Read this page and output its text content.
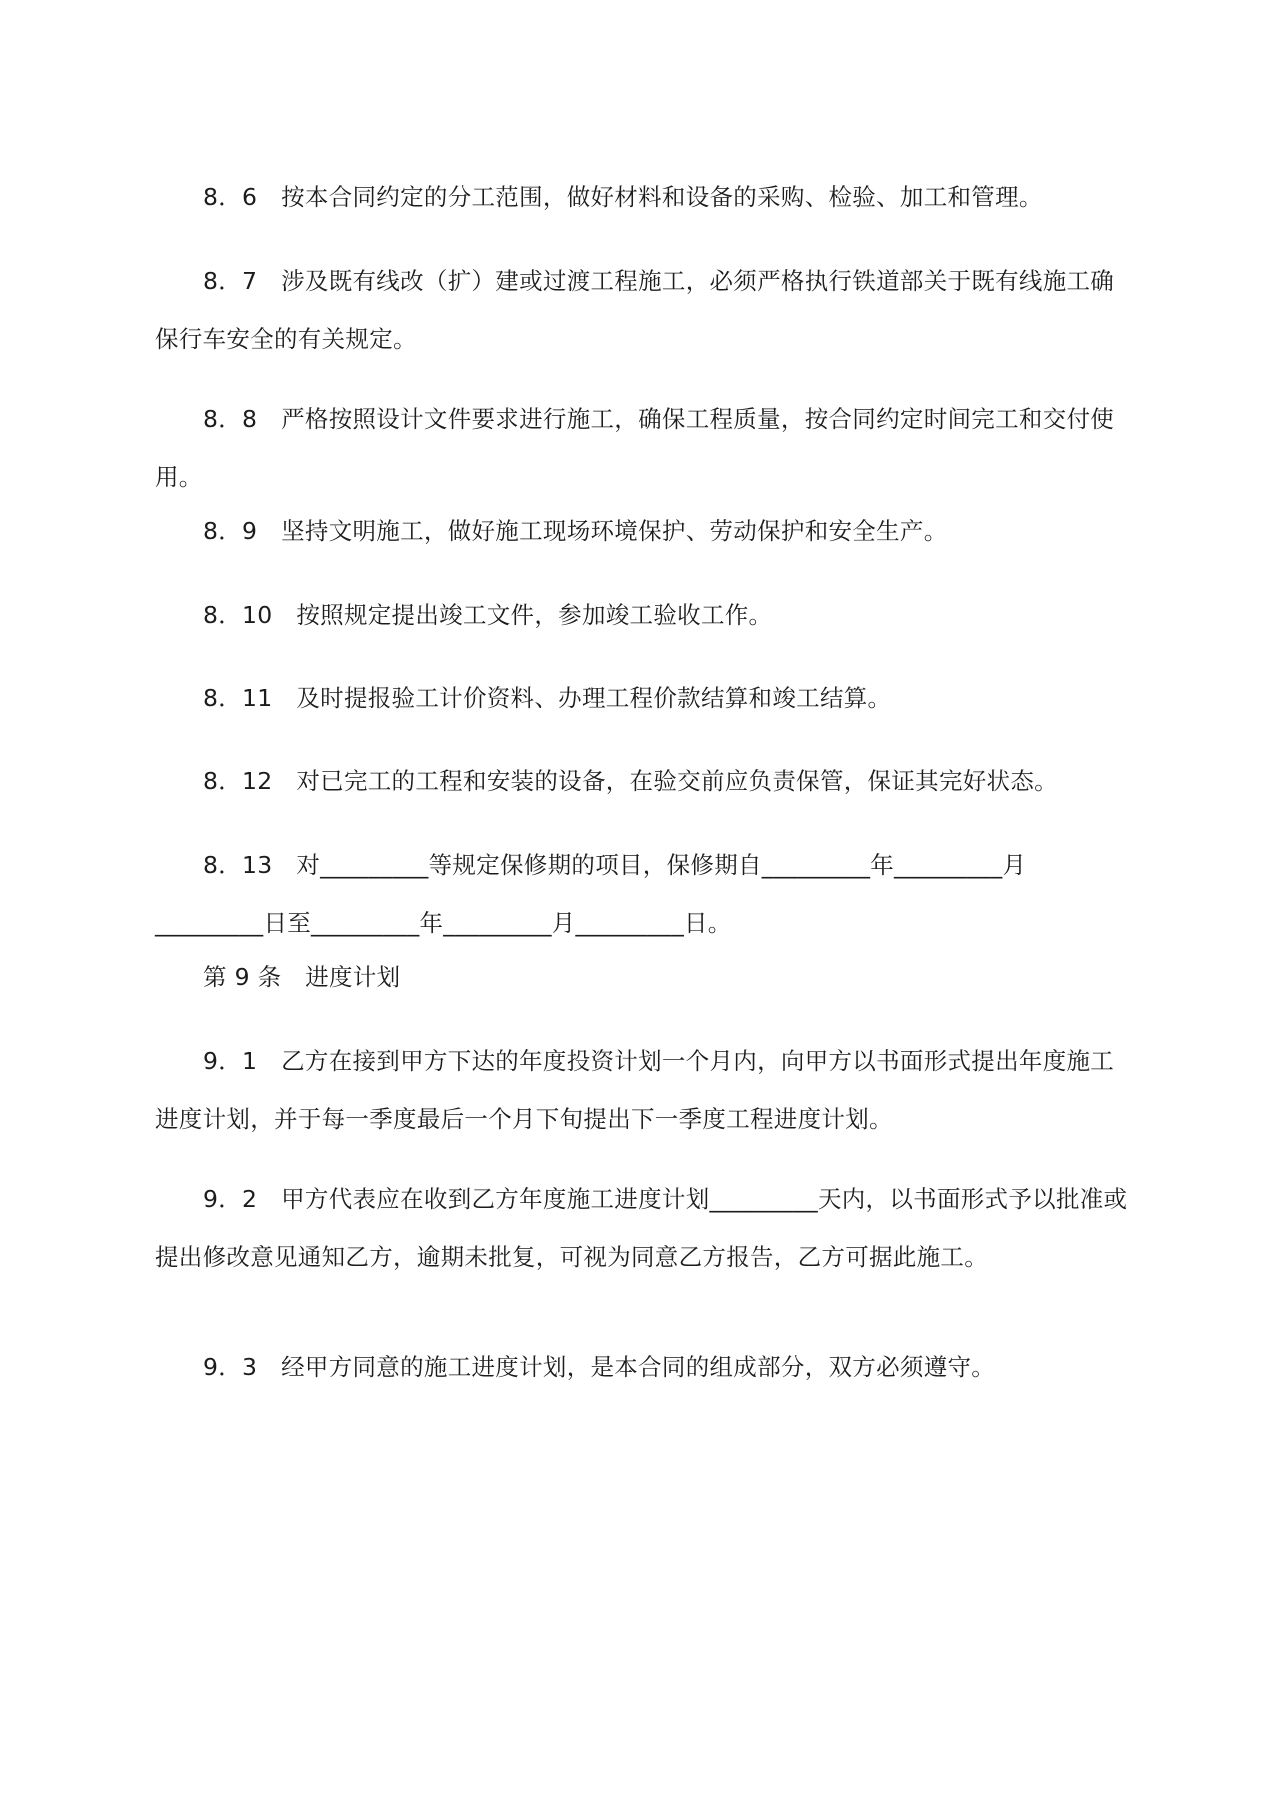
8．6　按本合同约定的分工范围，做好材料和设备的采购、检验、加工和管理。

8．7　涉及既有线改（扩）建或过渡工程施工，必须严格执行铁道部关于既有线施工确保行车安全的有关规定。

8．8　严格按照设计文件要求进行施工，确保工程质量，按合同约定时间完工和交付使用。

8．9　坚持文明施工，做好施工现场环境保护、劳动保护和安全生产。

8．10　按照规定提出竣工文件，参加竣工验收工作。

8．11　及时提报验工计价资料、办理工程价款结算和竣工结算。

8．12　对已完工的工程和安装的设备，在验交前应负责保管，保证其完好状态。

8．13　对_________等规定保修期的项目，保修期自_________年_________月_________日至_________年_________月_________日。

第 9 条　进度计划

9．1　乙方在接到甲方下达的年度投资计划一个月内，向甲方以书面形式提出年度施工进度计划，并于每一季度最后一个月下旬提出下一季度工程进度计划。

9．2　甲方代表应在收到乙方年度施工进度计划_________天内，以书面形式予以批准或提出修改意见通知乙方，逾期未批复，可视为同意乙方报告，乙方可据此施工。

9．3　经甲方同意的施工进度计划，是本合同的组成部分，双方必须遵守。
